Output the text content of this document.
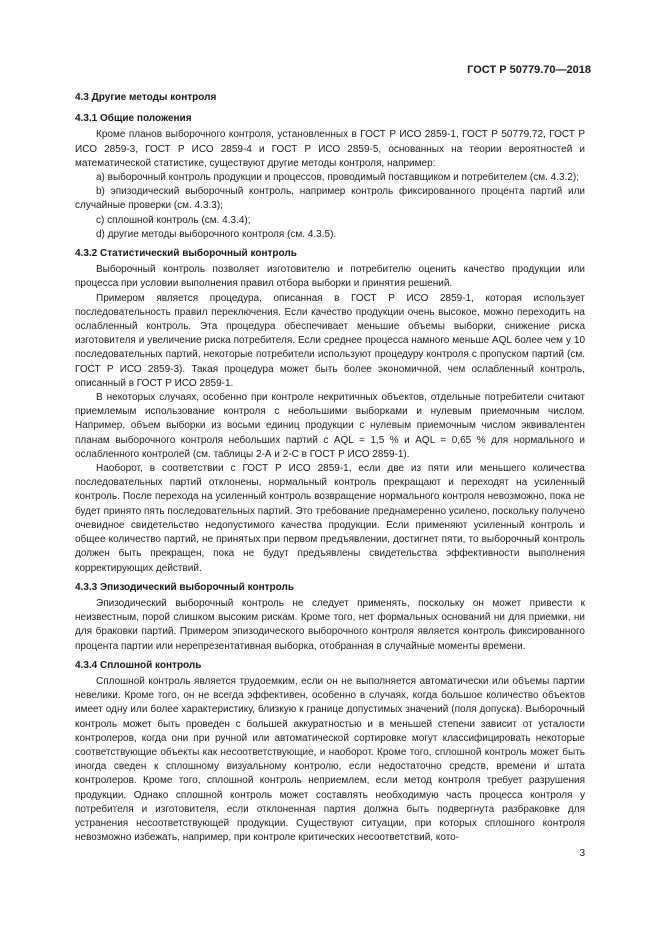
ГОСТ Р 50779.70—2018
4.3 Другие методы контроля
4.3.1 Общие положения

Кроме планов выборочного контроля, установленных в ГОСТ Р ИСО 2859-1, ГОСТ Р 50779.72, ГОСТ Р ИСО 2859-3, ГОСТ Р ИСО 2859-4 и ГОСТ Р ИСО 2859-5, основанных на теории вероятностей и математической статистике, существуют другие методы контроля, например:

a) выборочный контроль продукции и процессов, проводимый поставщиком и потребителем (см. 4.3.2);

b) эпизодический выборочный контроль, например контроль фиксированного процента партий или случайные проверки (см. 4.3.3);

c) сплошной контроль (см. 4.3.4);

d) другие методы выборочного контроля (см. 4.3.5).

4.3.2 Статистический выборочный контроль

Выборочный контроль позволяет изготовителю и потребителю оценить качество продукции или процесса при условии выполнения правил отбора выборки и принятия решений.

Примером является процедура, описанная в ГОСТ Р ИСО 2859-1, которая использует последовательность правил переключения. Если качество продукции очень высокое, можно переходить на ослабленный контроль. Эта процедура обеспечивает меньшие объемы выборки, снижение риска изготовителя и увеличение риска потребителя. Если среднее процесса намного меньше AQL более чем у 10 последовательных партий, некоторые потребители используют процедуру контроля с пропуском партий (см. ГОСТ Р ИСО 2859-3). Такая процедура может быть более экономичной, чем ослабленный контроль, описанный в ГОСТ Р ИСО 2859-1.

В некоторых случаях, особенно при контроле некритичных объектов, отдельные потребители считают приемлемым использование контроля с небольшими выборками и нулевым приемочным числом. Например, объем выборки из восьми единиц продукции с нулевым приемочным числом эквивалентен планам выборочного контроля небольших партий с AQL = 1,5 % и AQL = 0,65 % для нормального и ослабленного контролей (см. таблицы 2-А и 2-С в ГОСТ Р ИСО 2859-1).

Наоборот, в соответствии с ГОСТ Р ИСО 2859-1, если две из пяти или меньшего количества последовательных партий отклонены, нормальный контроль прекращают и переходят на усиленный контроль. После перехода на усиленный контроль возвращение нормального контроля невозможно, пока не будет принято пять последовательных партий. Это требование преднамеренно усилено, поскольку получено очевидное свидетельство недопустимого качества продукции. Если применяют усиленный контроль и общее количество партий, не принятых при первом предъявлении, достигнет пяти, то выборочный контроль должен быть прекращен, пока не будут предъявлены свидетельства эффективности выполнения корректирующих действий.

4.3.3 Эпизодический выборочный контроль

Эпизодический выборочный контроль не следует применять, поскольку он может привести к неизвестным, порой слишком высоким рискам. Кроме того, нет формальных оснований ни для приемки, ни для браковки партий. Примером эпизодического выборочного контроля является контроль фиксированного процента партии или нерепрезентативная выборка, отобранная в случайные моменты времени.

4.3.4 Сплошной контроль

Сплошной контроль является трудоемким, если он не выполняется автоматически или объемы партии невелики. Кроме того, он не всегда эффективен, особенно в случаях, когда большое количество объектов имеет одну или более характеристику, близкую к границе допустимых значений (поля допуска). Выборочный контроль может быть проведен с большей аккуратностью и в меньшей степени зависит от усталости контролеров, когда они при ручной или автоматической сортировке могут классифицировать некоторые соответствующие объекты как несоответствующие, и наоборот. Кроме того, сплошной контроль может быть иногда сведен к сплошному визуальному контролю, если недостаточно средств, времени и штата контролеров. Кроме того, сплошной контроль неприемлем, если метод контроля требует разрушения продукции. Однако сплошной контроль может составлять необходимую часть процесса контроля у потребителя и изготовителя, если отклоненная партия должна быть подвергнута разбраковке для устранения несоответствующей продукции. Существуют ситуации, при которых сплошного контроля невозможно избежать, например, при контроле критических несоответствий, кото-

3
